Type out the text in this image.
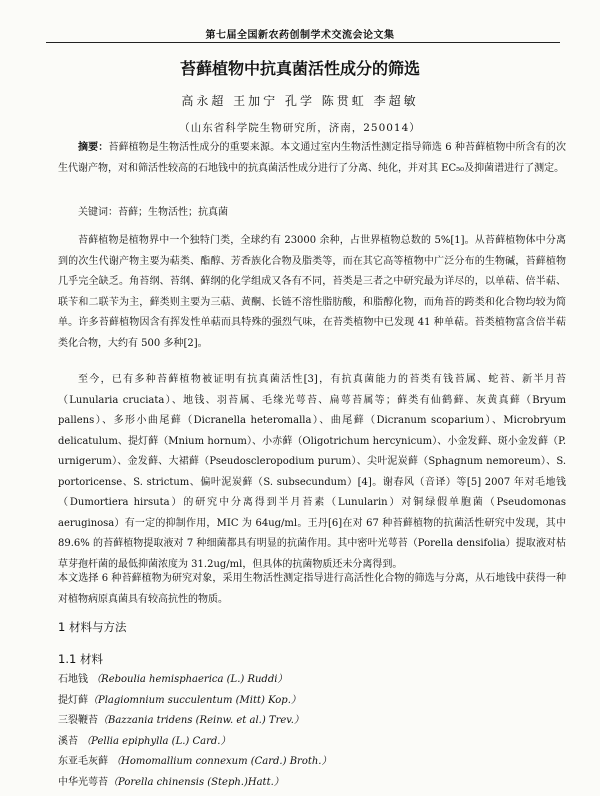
第七届全国新农药创制学术交流会论文集
苔藓植物中抗真菌活性成分的筛选
高永超 王加宁 孔学 陈贯虹 李超敏
（山东省科学院生物研究所，济南，250014）

摘要：苔藓植物是生物活性成分的重要来源。本文通过室内生物活性测定指导筛选 6 种苔藓植物中所含有的次生代谢产物，对和筛活性较高的石地钱中的抗真菌活性成分进行了分离、纯化，并对其 EC₅₀及抑菌谱进行了测定。

关键词：苔藓；生物活性；抗真菌

苔藓植物是植物界中一个独特门类，全球约有 23000 余种，占世界植物总数的 5%[1]。从苔藓植物体中分离到的次生代谢产物主要为萜类、酯醇、芳香族化合物及脂类等，而在其它高等植物中广泛分布的生物碱，苔藓植物几乎完全缺乏。角苔纲、苔纲、藓纲的化学组成又各有不同，苔类是三者之中研究最为详尽的，以单萜、倍半萜、联苄和二联苄为主，藓类则主要为三萜、黄酮、长链不溶性脂肪酸，和脂醇化物，而角苔的跨类和化合物均较为简单。许多苔藓植物因含有挥发性单萜而具特殊的强烈气味，在苔类植物中已发现 41 种单萜。苔类植物富含倍半萜类化合物，大约有 500 多种[2]。

至今，已有多种苔藓植物被证明有抗真菌活性[3]，有抗真菌能力的苔类有钱苔属、蛇苔、新半月苔（Lunularia cruciata）、地钱、羽苔属、毛缘光萼苔、扁萼苔属等；藓类有仙鹤藓、灰黄真藓（Bryum pallens）、多形小曲尾藓（Dicranella heteromalla）、曲尾藓（Dicranum scoparium）、Microbryum delicatulum、提灯藓（Mnium hornum）、小赤藓（Oligotrichum hercynicum）、小金发藓、斑小金发藓（P. urnigerum）、金发藓、大裙藓（Pseudoscleropodium purum）、尖叶泥炭藓（Sphagnum nemoreum）、S. portoricense、S. strictum、偏叶泥炭藓（S. subsecundum）[4]。谢春风（音译）等[5] 2007 年对毛地钱（Dumortiera hirsuta）的研究中分离得到半月苔素（Lunularin）对铜绿假单胞菌（Pseudomonas aeruginosa）有一定的抑制作用，MIC 为 64ug/ml。王丹[6]在对 67 种苔藓植物的抗菌活性研究中发现，其中 89.6% 的苔藓植物提取液对 7 种细菌都具有明显的抗菌作用。其中密叶光萼苔（Porella densifolia）提取液对枯草芽孢杆菌的最低抑菌浓度为 31.2ug/ml，但具体的抗菌物质还未分离得到。

本文选择 6 种苔藓植物为研究对象，采用生物活性测定指导进行高活性化合物的筛选与分离，从石地钱中获得一种对植物病原真菌具有较高抗性的物质。

1 材料与方法
1.1 材料
石地钱 （Reboulia hemisphaerica (L.) Ruddi）
提灯藓（Plagiomnium succulentum (Mitt) Kop.）
三裂鞭苔（Bazzania tridens (Reinw. et al.) Trev.）
溪苔 （Pellia epiphylla (L.) Card.）
东亚毛灰藓 （Homomallium connexum (Card.) Broth.）
中华光萼苔（Porella chinensis (Steph.)Hatt.）
